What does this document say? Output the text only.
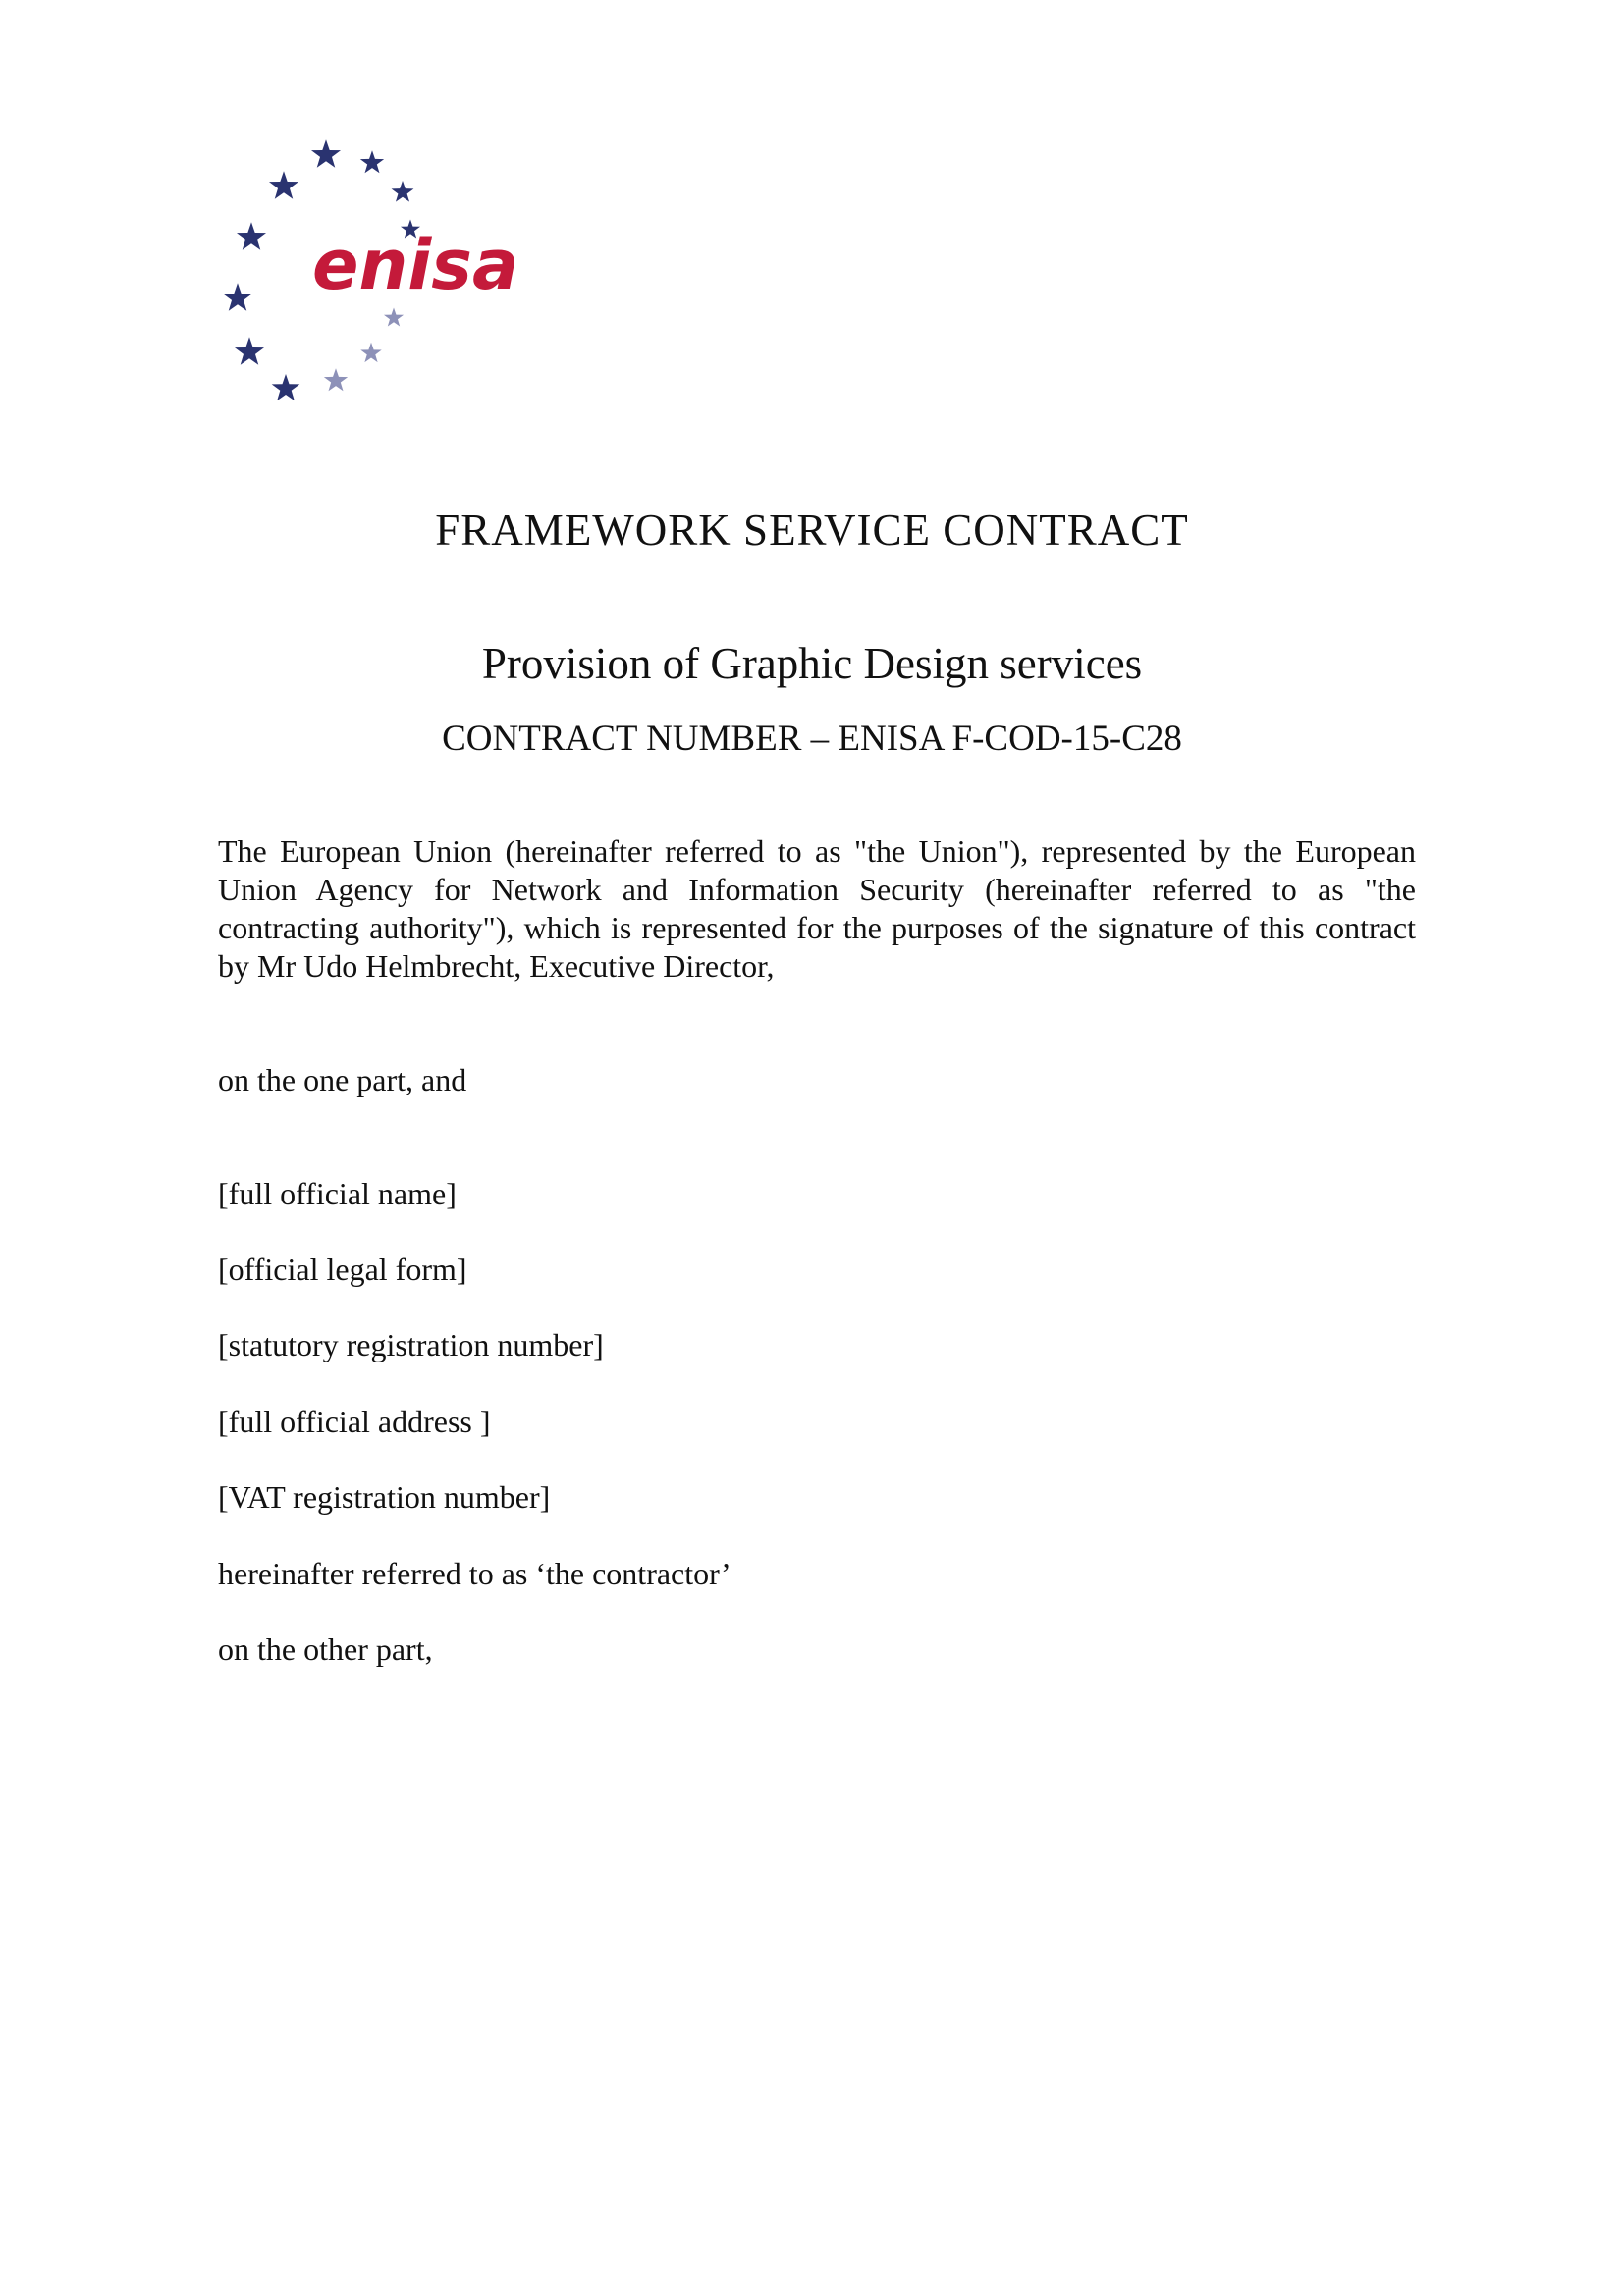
enisa
FRAMEWORK SERVICE CONTRACT
Provision of Graphic Design services
CONTRACT NUMBER – ENISA F-COD-15-C28
The European Union (hereinafter referred to as "the Union"), represented by the European Union Agency for Network and Information Security (hereinafter referred to as "the contracting authority"), which is represented for the purposes of the signature of this contract by Mr Udo Helmbrecht, Executive Director,
on the one part, and
[full official name]
[official legal form]
[statutory registration number]
[full official address ]
[VAT registration number]
hereinafter referred to as ‘the contractor’
on the other part,
